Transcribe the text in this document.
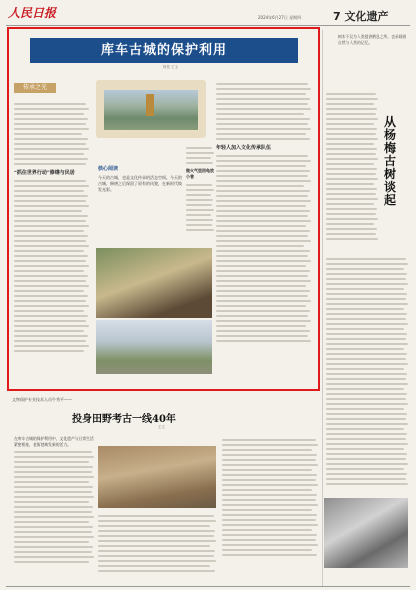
人民日报	2024年6月27日 星期四	7 文化遗产
“抓住世界行动”修缮与民居
年轻人加入文化传承队伍
做火气里回龟放小巷
库车古城的保护利用
阿依 王玉
传承之光
核心阅读
今天的古城，也是文化传承的活态空间。今天的古城，修缮之后保留了原有的风貌，在新时代焕发光彩。
文物保护专业技术人员牛秀平——
投身田野考古一线40年
王文
在库车古城的保护利用中，文化遗产与日常生活紧密相连，老街巷焕发新的活力。
树木不仅为人类提供栖息之所，也承载着自然与人类的记忆。
从杨梅古树谈起
